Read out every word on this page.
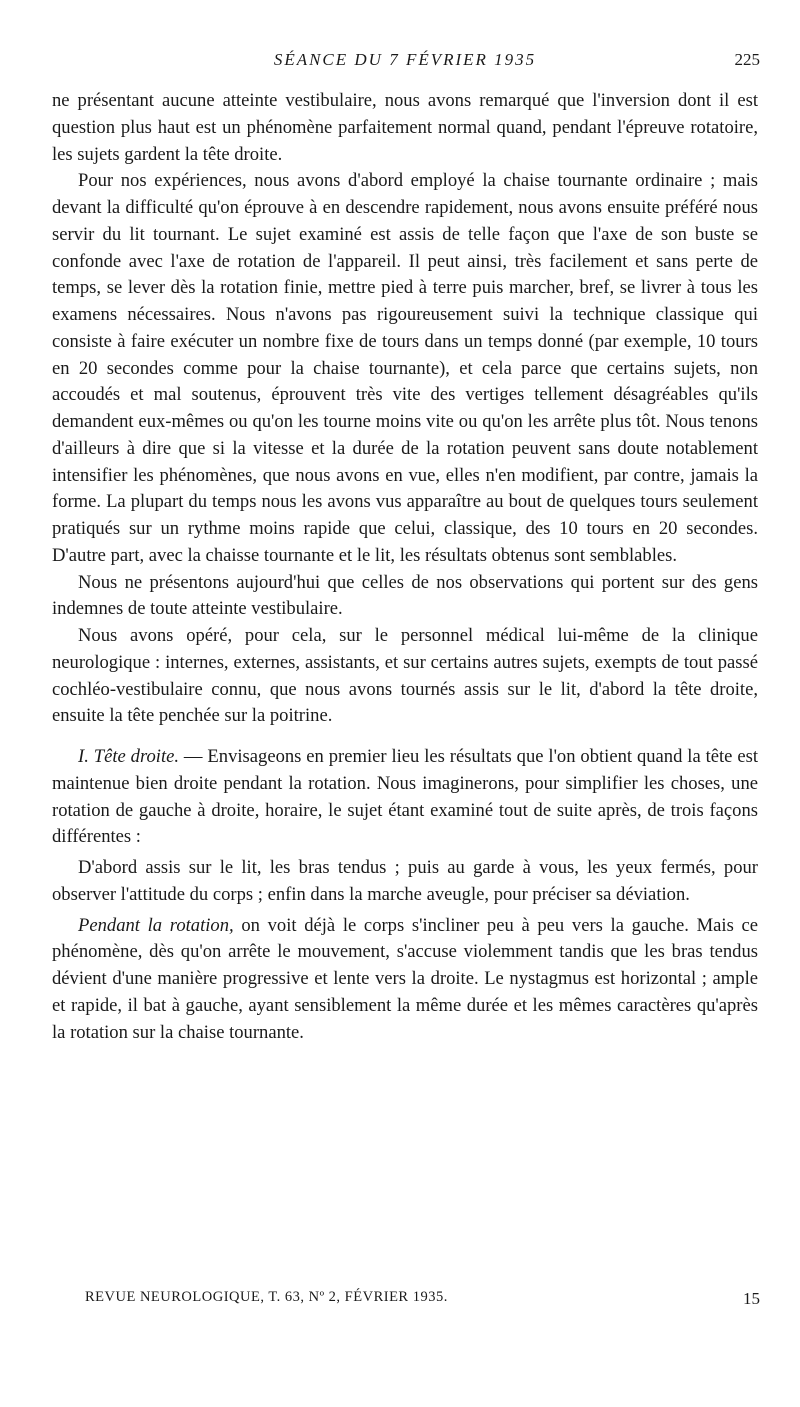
SÉANCE DU 7 FÉVRIER 1935	225

ne présentant aucune atteinte vestibulaire, nous avons remarqué que l'inversion dont il est question plus haut est un phénomène parfaitement normal quand, pendant l'épreuve rotatoire, les sujets gardent la tête droite.

Pour nos expériences, nous avons d'abord employé la chaise tournante ordinaire ; mais devant la difficulté qu'on éprouve à en descendre rapidement, nous avons ensuite préféré nous servir du lit tournant. Le sujet examiné est assis de telle façon que l'axe de son buste se confonde avec l'axe de rotation de l'appareil. Il peut ainsi, très facilement et sans perte de temps, se lever dès la rotation finie, mettre pied à terre puis marcher, bref, se livrer à tous les examens nécessaires. Nous n'avons pas rigoureusement suivi la technique classique qui consiste à faire exécuter un nombre fixe de tours dans un temps donné (par exemple, 10 tours en 20 secondes comme pour la chaise tournante), et cela parce que certains sujets, non accoudés et mal soutenus, éprouvent très vite des vertiges tellement désagréables qu'ils demandent eux-mêmes ou qu'on les tourne moins vite ou qu'on les arrête plus tôt. Nous tenons d'ailleurs à dire que si la vitesse et la durée de la rotation peuvent sans doute notablement intensifier les phénomènes, que nous avons en vue, elles n'en modifient, par contre, jamais la forme. La plupart du temps nous les avons vus apparaître au bout de quelques tours seulement pratiqués sur un rythme moins rapide que celui, classique, des 10 tours en 20 secondes. D'autre part, avec la chaisse tournante et le lit, les résultats obtenus sont semblables.

Nous ne présentons aujourd'hui que celles de nos observations qui portent sur des gens indemnes de toute atteinte vestibulaire.

Nous avons opéré, pour cela, sur le personnel médical lui-même de la clinique neurologique : internes, externes, assistants, et sur certains autres sujets, exempts de tout passé cochléo-vestibulaire connu, que nous avons tournés assis sur le lit, d'abord la tête droite, ensuite la tête penchée sur la poitrine.

I. Tête droite. — Envisageons en premier lieu les résultats que l'on obtient quand la tête est maintenue bien droite pendant la rotation. Nous imaginerons, pour simplifier les choses, une rotation de gauche à droite, horaire, le sujet étant examiné tout de suite après, de trois façons différentes :

D'abord assis sur le lit, les bras tendus ; puis au garde à vous, les yeux fermés, pour observer l'attitude du corps ; enfin dans la marche aveugle, pour préciser sa déviation.

Pendant la rotation, on voit déjà le corps s'incliner peu à peu vers la gauche. Mais ce phénomène, dès qu'on arrête le mouvement, s'accuse violemment tandis que les bras tendus dévient d'une manière progressive et lente vers la droite. Le nystagmus est horizontal ; ample et rapide, il bat à gauche, ayant sensiblement la même durée et les mêmes caractères qu'après la rotation sur la chaise tournante.

REVUE NEUROLOGIQUE, T. 63, Nº 2, FÉVRIER 1935.	15
